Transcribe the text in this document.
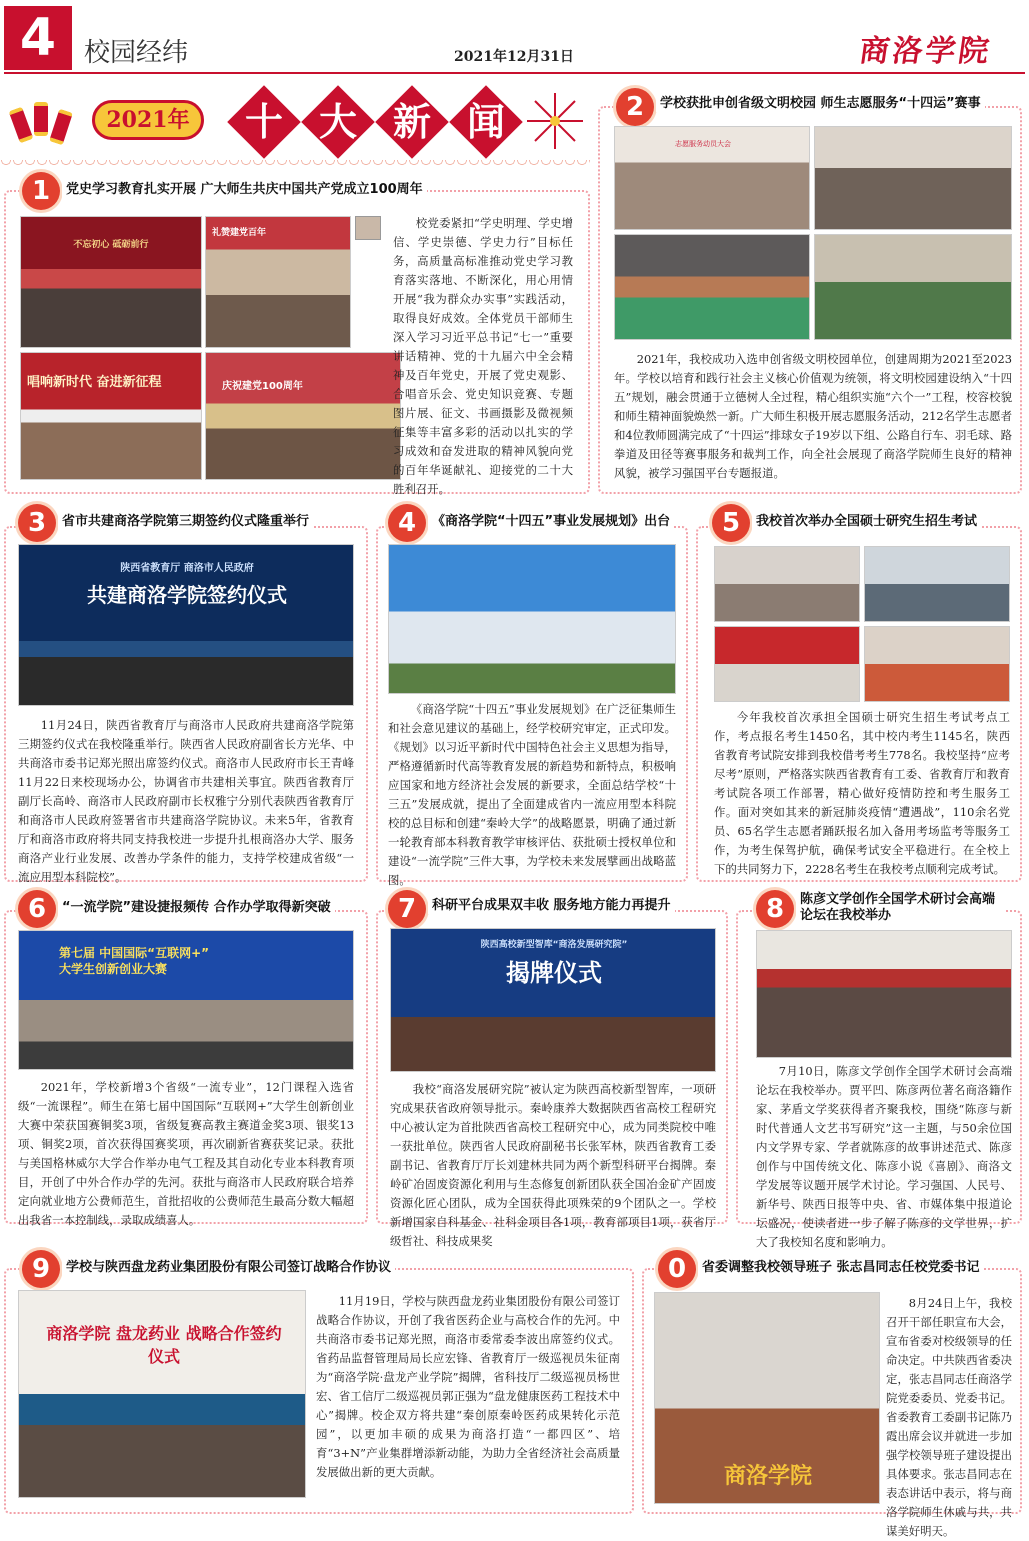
4	校园经纬	2021年12月31日	商洛学院
2021年	十 大 新 闻
1	党史学习教育扎实开展 广大师生共庆中国共产党成立100周年
不忘初心 砥砺前行
礼赞建党百年
唱响新时代 奋进新征程	庆祝建党100周年
校党委紧扣“学史明理、学史增信、学史崇德、学史力行”目标任务，高质量高标准推动党史学习教育落实落地、不断深化，用心用情开展“我为群众办实事”实践活动，取得良好成效。全体党员干部师生深入学习习近平总书记“七一”重要讲话精神、党的十九届六中全会精神及百年党史，开展了党史观影、合唱音乐会、党史知识竞赛、专题图片展、征文、书画摄影及微视频征集等丰富多彩的活动以扎实的学习成效和奋发进取的精神风貌向党的百年华诞献礼、迎接党的二十大胜利召开。
2	学校获批申创省级文明校园 师生志愿服务“十四运”赛事
志愿服务动员大会
2021年，我校成功入选申创省级文明校园单位，创建周期为2021至2023年。学校以培育和践行社会主义核心价值观为统领，将文明校园建设纳入“十四五”规划，融会贯通于立德树人全过程，精心组织实施“六个一”工程，校容校貌和师生精神面貌焕然一新。广大师生积极开展志愿服务活动，212名学生志愿者和4位教师圆满完成了“十四运”排球女子19岁以下组、公路自行车、羽毛球、路拳道及田径等赛事服务和裁判工作，向全社会展现了商洛学院师生良好的精神风貌，被学习强国平台专题报道。
3	省市共建商洛学院第三期签约仪式隆重举行
陕西省教育厅 商洛市人民政府
共建商洛学院签约仪式
11月24日，陕西省教育厅与商洛市人民政府共建商洛学院第三期签约仪式在我校隆重举行。陕西省人民政府副省长方光华、中共商洛市委书记郑光照出席签约仪式。商洛市人民政府市长王青峰11月22日来校现场办公，协调省市共建相关事宜。陕西省教育厅副厅长高岭、商洛市人民政府副市长权雅宁分别代表陕西省教育厅和商洛市人民政府签署省市共建商洛学院协议。未来5年，省教育厅和商洛市政府将共同支持我校进一步提升扎根商洛办大学、服务商洛产业行业发展、改善办学条件的能力，支持学校建成省级“一流应用型本科院校”。
4	《商洛学院“十四五”事业发展规划》出台
《商洛学院“十四五”事业发展规划》在广泛征集师生和社会意见建议的基础上，经学校研究审定，正式印发。《规划》以习近平新时代中国特色社会主义思想为指导，严格遵循新时代高等教育发展的新趋势和新特点，积极响应国家和地方经济社会发展的新要求，全面总结学校“十三五”发展成就，提出了全面建成省内一流应用型本科院校的总目标和创建“秦岭大学”的战略愿景，明确了通过新一轮教育部本科教育教学审核评估、获批硕士授权单位和建设“一流学院”三件大事，为学校未来发展擘画出战略蓝图。
5	我校首次举办全国硕士研究生招生考试
今年我校首次承担全国硕士研究生招生考试考点工作，考点报名考生1450名，其中校内考生1145名，陕西省教育考试院安排到我校借考考生778名。我校坚持“应考尽考”原则，严格落实陕西省教育有工委、省教育厅和教育考试院各项工作部署，精心做好疫情防控和考生服务工作。面对突如其来的新冠肺炎疫情“遭遇战”，110余名党员、65名学生志愿者踊跃报名加入备用考场监考等服务工作，为考生保驾护航，确保考试安全平稳进行。在全校上下的共同努力下，2228名考生在我校考点顺利完成考试。
6	“一流学院”建设捷报频传 合作办学取得新突破
第七届 中国国际“互联网+” 大学生创新创业大赛
2021年，学校新增3个省级“一流专业”，12门课程入选省级“一流课程”。师生在第七届中国国际“互联网+”大学生创新创业大赛中荣获国赛铜奖3项，省级复赛高教主赛道金奖3项、银奖13项、铜奖2项，首次获得国赛奖项，再次刷新省赛获奖记录。获批与美国格林威尔大学合作举办电气工程及其自动化专业本科教育项目，开创了中外合作办学的先河。获批与商洛市人民政府联合培养定向就业地方公费师范生，首批招收的公费师范生最高分数大幅超出我省一本控制线，录取成绩喜人。
7	科研平台成果双丰收 服务地方能力再提升
陕西高校新型智库“商洛发展研究院”
揭牌仪式
我校“商洛发展研究院”被认定为陕西高校新型智库，一项研究成果获省政府领导批示。秦岭康养大数据陕西省高校工程研究中心被认定为首批陕西省高校工程研究中心，成为同类院校中唯一获批单位。陕西省人民政府副秘书长张军林，陕西省教育工委副书记、省教育厅厅长刘建林共同为两个新型科研平台揭牌。秦岭矿冶固废资源化利用与生态修复创新团队获全国冶金矿产固废资源化匠心团队，成为全国获得此项殊荣的9个团队之一。学校新增国家自科基金、社科金项目各1项，教育部项目1项，获省厅级哲社、科技成果奖
8	陈彦文学创作全国学术研讨会高端论坛在我校举办
7月10日，陈彦文学创作全国学术研讨会高端论坛在我校举办。贾平凹、陈彦两位著名商洛籍作家、茅盾文学奖获得者齐聚我校，围绕“陈彦与新时代普通人文艺书写研究”这一主题，与50余位国内文学界专家、学者就陈彦的故事讲述范式、陈彦创作与中国传统文化、陈彦小说《喜剧》、商洛文学发展等议题开展学术讨论。学习强国、人民号、新华号、陕西日报等中央、省、市媒体集中报道论坛盛况，使读者进一步了解了陈彦的文学世界，扩大了我校知名度和影响力。
9	学校与陕西盘龙药业集团股份有限公司签订战略合作协议
商洛学院 盘龙药业 战略合作签约仪式
11月19日，学校与陕西盘龙药业集团股份有限公司签订战略合作协议，开创了我省医药企业与高校合作的先河。中共商洛市委书记郑光照，商洛市委常委李波出席签约仪式。省药品监督管理局局长应宏锋、省教育厅一级巡视员朱征南为“商洛学院·盘龙产业学院”揭牌，省科技厅二级巡视员杨世宏、省工信厅二级巡视员郭正强为“盘龙健康医药工程技术中心”揭牌。校企双方将共建“秦创原秦岭医药成果转化示范园”，以更加丰硕的成果为商洛打造“一都四区”、培育“3+N”产业集群增添新动能，为助力全省经济社会高质量发展做出新的更大贡献。
0	省委调整我校领导班子 张志昌同志任校党委书记
商洛学院
8月24日上午，我校召开干部任职宣布大会，宣布省委对校级领导的任命决定。中共陕西省委决定，张志昌同志任商洛学院党委委员、党委书记。省委教育工委副书记陈乃霞出席会议并就进一步加强学校领导班子建设提出具体要求。张志昌同志在表态讲话中表示，将与商洛学院师生休戚与共，共谋美好明天。
